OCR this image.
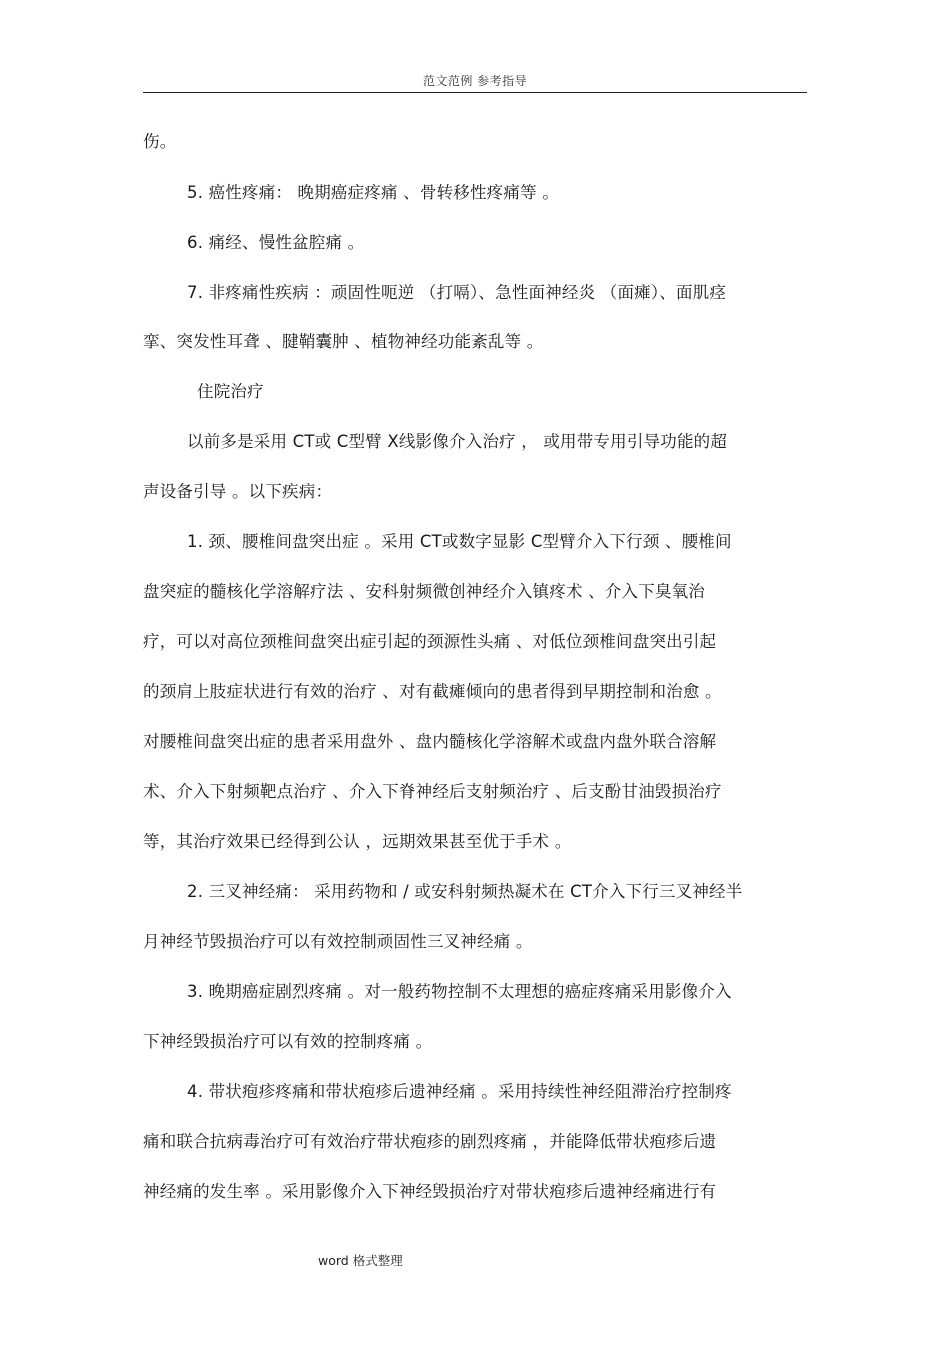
范文范例 参考指导
伤。
5. 癌性疼痛： 晚期癌症疼痛 、骨转移性疼痛等 。
6. 痛经、慢性盆腔痛 。
7. 非疼痛性疾病 ：顽固性呃逆 （打嗝）、急性面神经炎 （面瘫）、面肌痉
挛、突发性耳聋 、腱鞘囊肿 、植物神经功能紊乱等 。
住院治疗
以前多是采用 CT或 C型臂 X线影像介入治疗 ， 或用带专用引导功能的超
声设备引导 。以下疾病：
1. 颈、腰椎间盘突出症 。采用 CT或数字显影 C型臂介入下行颈 、腰椎间
盘突症的髓核化学溶解疗法 、安科射频微创神经介入镇疼术 、介入下臭氧治
疗，可以对高位颈椎间盘突出症引起的颈源性头痛 、对低位颈椎间盘突出引起
的颈肩上肢症状进行有效的治疗 、对有截瘫倾向的患者得到早期控制和治愈 。
对腰椎间盘突出症的患者采用盘外 、盘内髓核化学溶解术或盘内盘外联合溶解
术、介入下射频靶点治疗 、介入下脊神经后支射频治疗 、后支酚甘油毁损治疗
等，其治疗效果已经得到公认 ，远期效果甚至优于手术 。
2. 三叉神经痛： 采用药物和 / 或安科射频热凝术在 CT介入下行三叉神经半
月神经节毁损治疗可以有效控制顽固性三叉神经痛 。
3. 晚期癌症剧烈疼痛 。对一般药物控制不太理想的癌症疼痛采用影像介入
下神经毁损治疗可以有效的控制疼痛 。
4. 带状疱疹疼痛和带状疱疹后遗神经痛 。采用持续性神经阻滞治疗控制疼
痛和联合抗病毒治疗可有效治疗带状疱疹的剧烈疼痛 ，并能降低带状疱疹后遗
神经痛的发生率 。采用影像介入下神经毁损治疗对带状疱疹后遗神经痛进行有
word 格式整理
